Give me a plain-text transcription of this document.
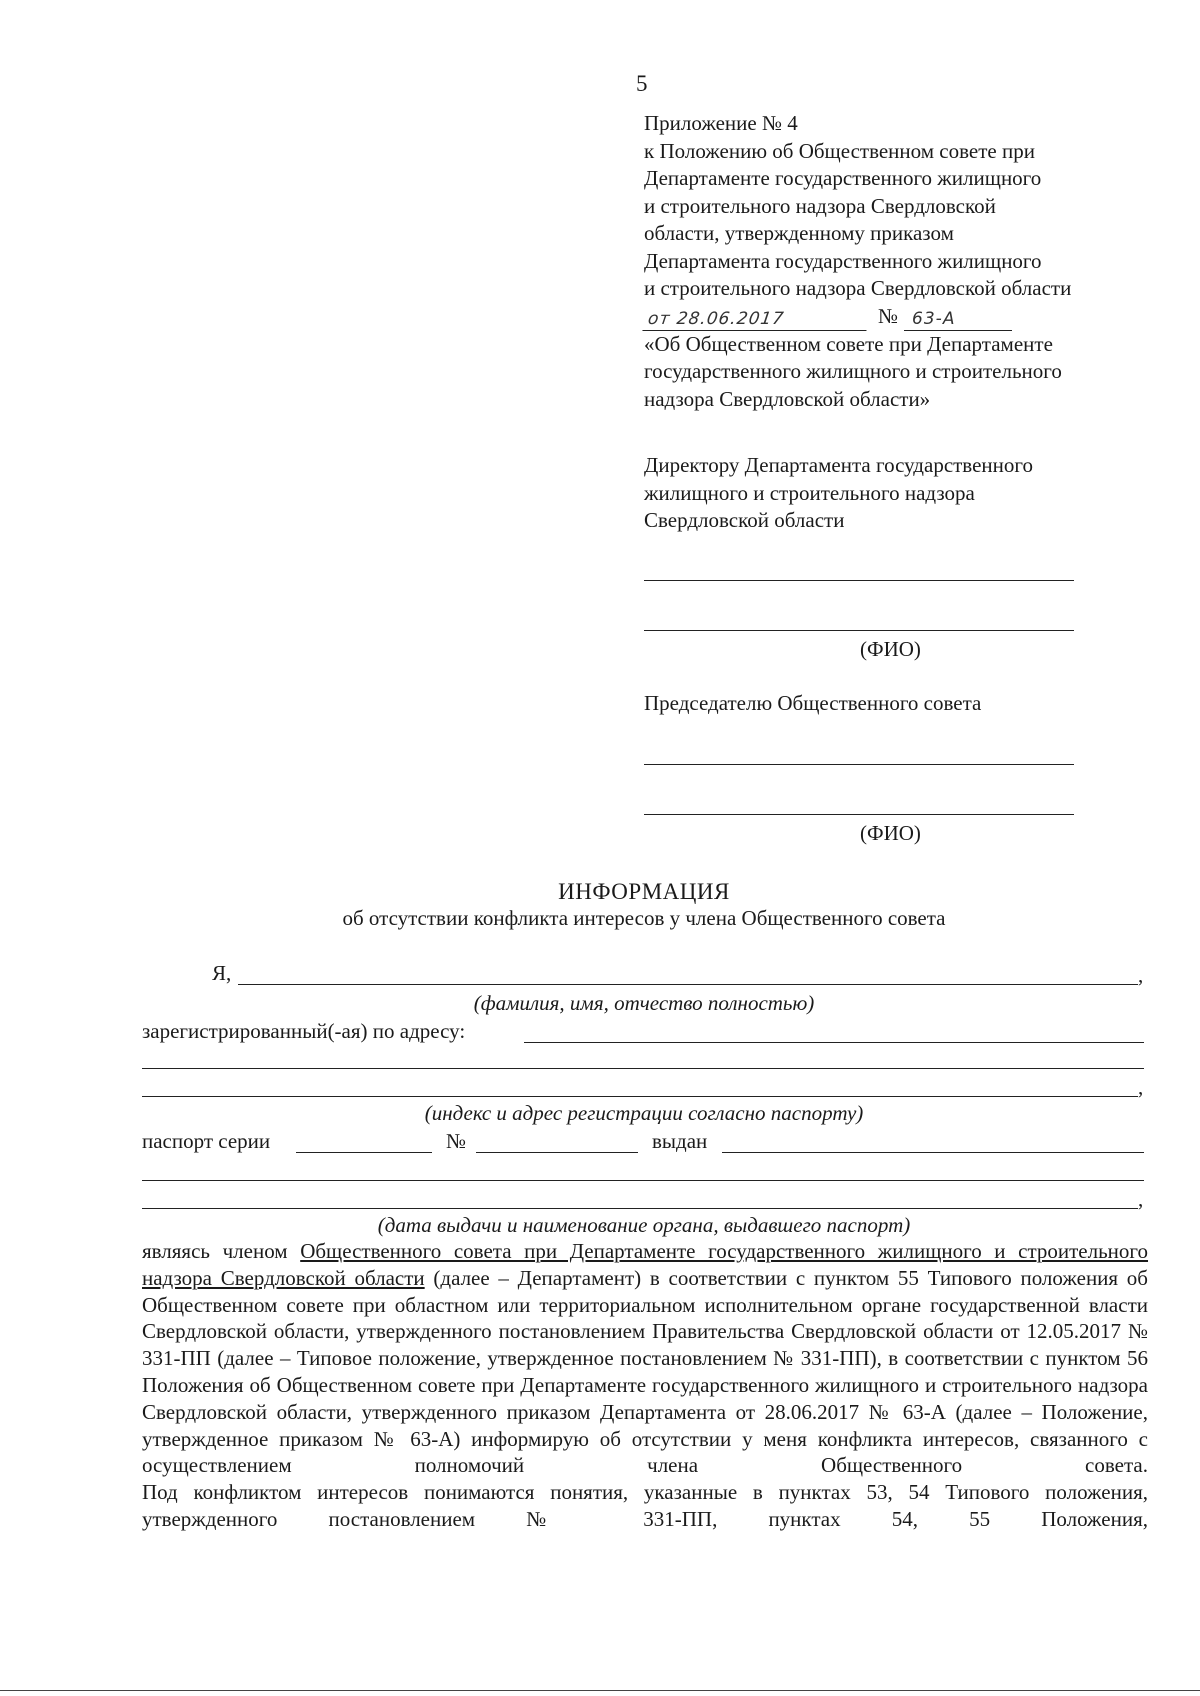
5
Приложение № 4
к Положению об Общественном совете при
Департаменте государственного жилищного
и строительного надзора Свердловской
области, утвержденному приказом
Департамента государственного жилищного
и строительного надзора Свердловской области
от 28.06.2017	№ 63-А
«Об Общественном совете при Департаменте
государственного жилищного и строительного
надзора Свердловской области»
Директору Департамента государственного
жилищного и строительного надзора
Свердловской области
(ФИО)
Председателю Общественного совета
(ФИО)
ИНФОРМАЦИЯ
об отсутствии конфликта интересов у члена Общественного совета
Я,	,
(фамилия, имя, отчество полностью)
зарегистрированный(-ая) по адресу:
,
(индекс и адрес регистрации согласно паспорту)
паспорт серии	№	выдан
,
(дата выдачи и наименование органа, выдавшего паспорт)
являясь членом Общественного совета при Департаменте государственного жилищного и строительного надзора Свердловской области (далее – Департамент) в соответствии с пунктом 55 Типового положения об Общественном совете при областном или территориальном исполнительном органе государственной власти Свердловской области, утвержденного постановлением Правительства Свердловской области от 12.05.2017 № 331-ПП (далее – Типовое положение, утвержденное постановлением № 331-ПП), в соответствии с пунктом 56 Положения об Общественном совете при Департаменте государственного жилищного и строительного надзора Свердловской области, утвержденного приказом Департамента от 28.06.2017 № 63-А (далее – Положение, утвержденное приказом № 63-А) информирую об отсутствии у меня конфликта интересов, связанного с осуществлением полномочий члена Общественного совета.
Под конфликтом интересов понимаются понятия, указанные в пунктах 53, 54 Типового положения, утвержденного постановлением № 331-ПП, пунктах 54, 55 Положения,
